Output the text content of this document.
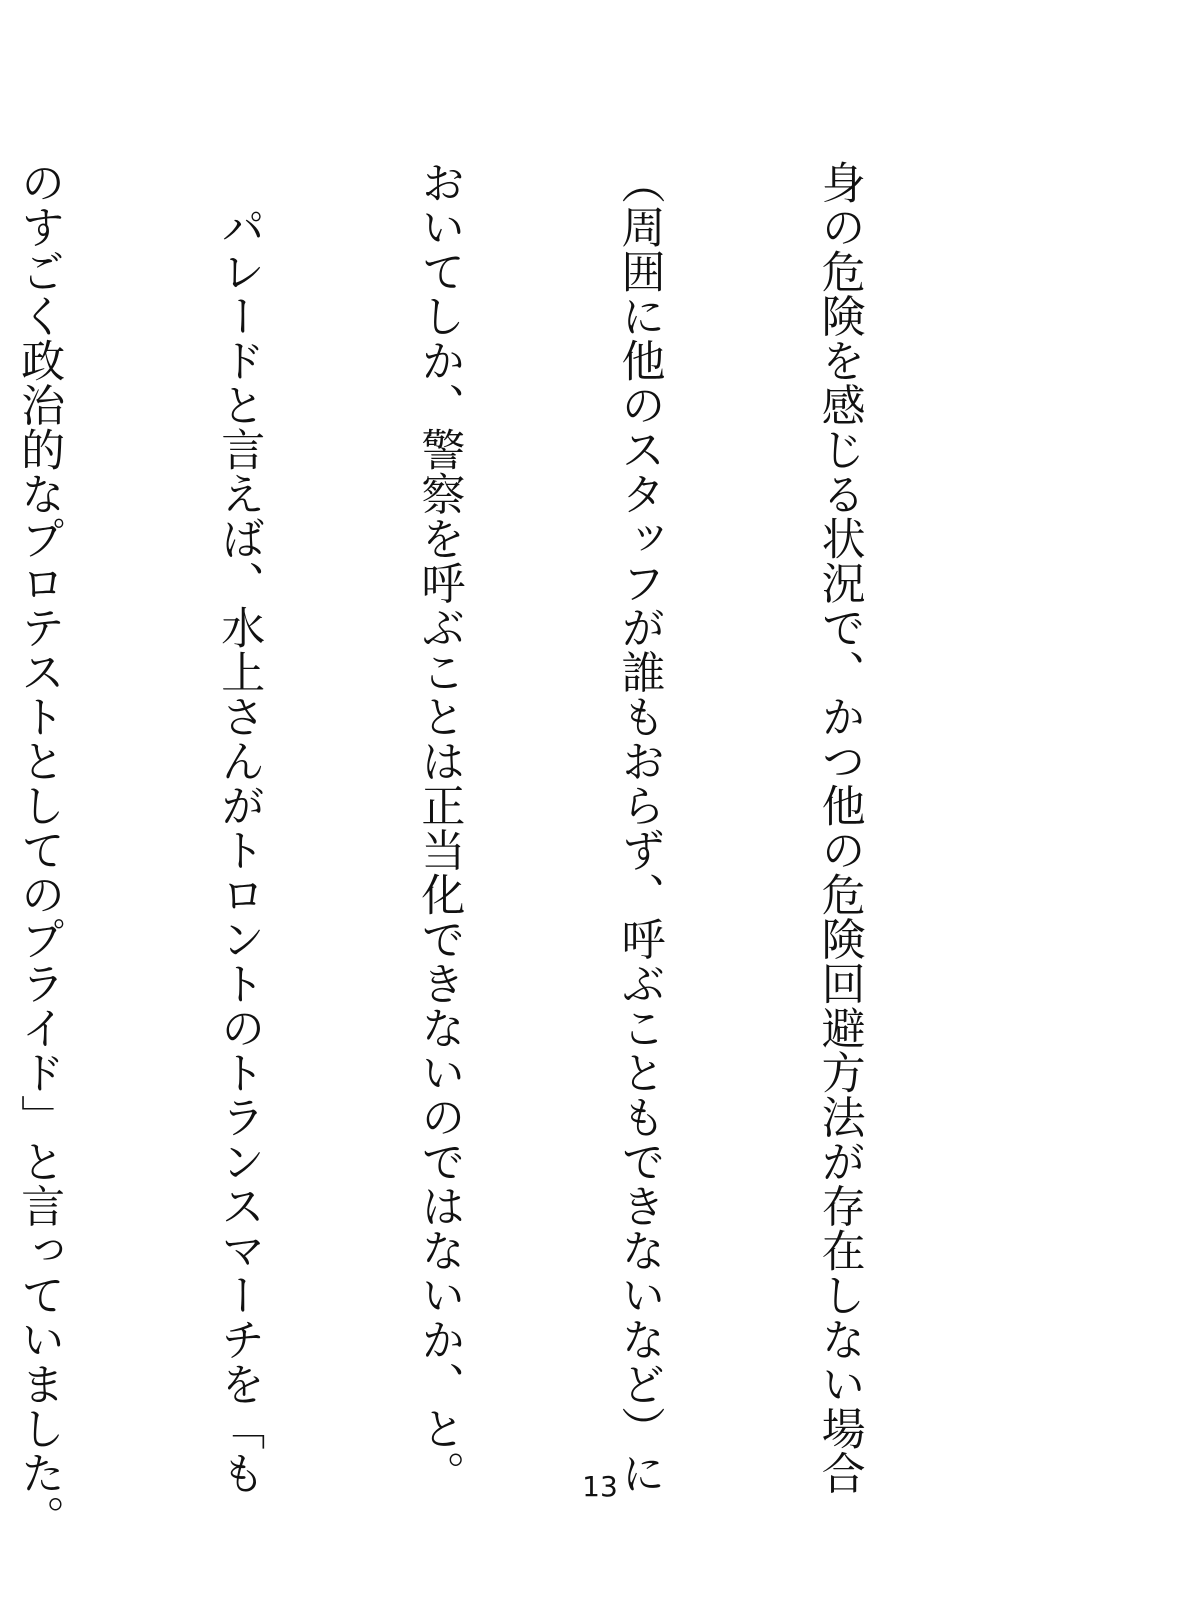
身の危険を感じる状況で、かつ他の危険回避方法が存在しない場合

（周囲に他のスタッフが誰もおらず、呼ぶこともできないなど）に

おいてしか、警察を呼ぶことは正当化できないのではないか、と。

　パレードと言えば、水上さんがトロントのトランスマーチを「も

のすごく政治的なプロテストとしてのプライド」と言っていました。

	13
